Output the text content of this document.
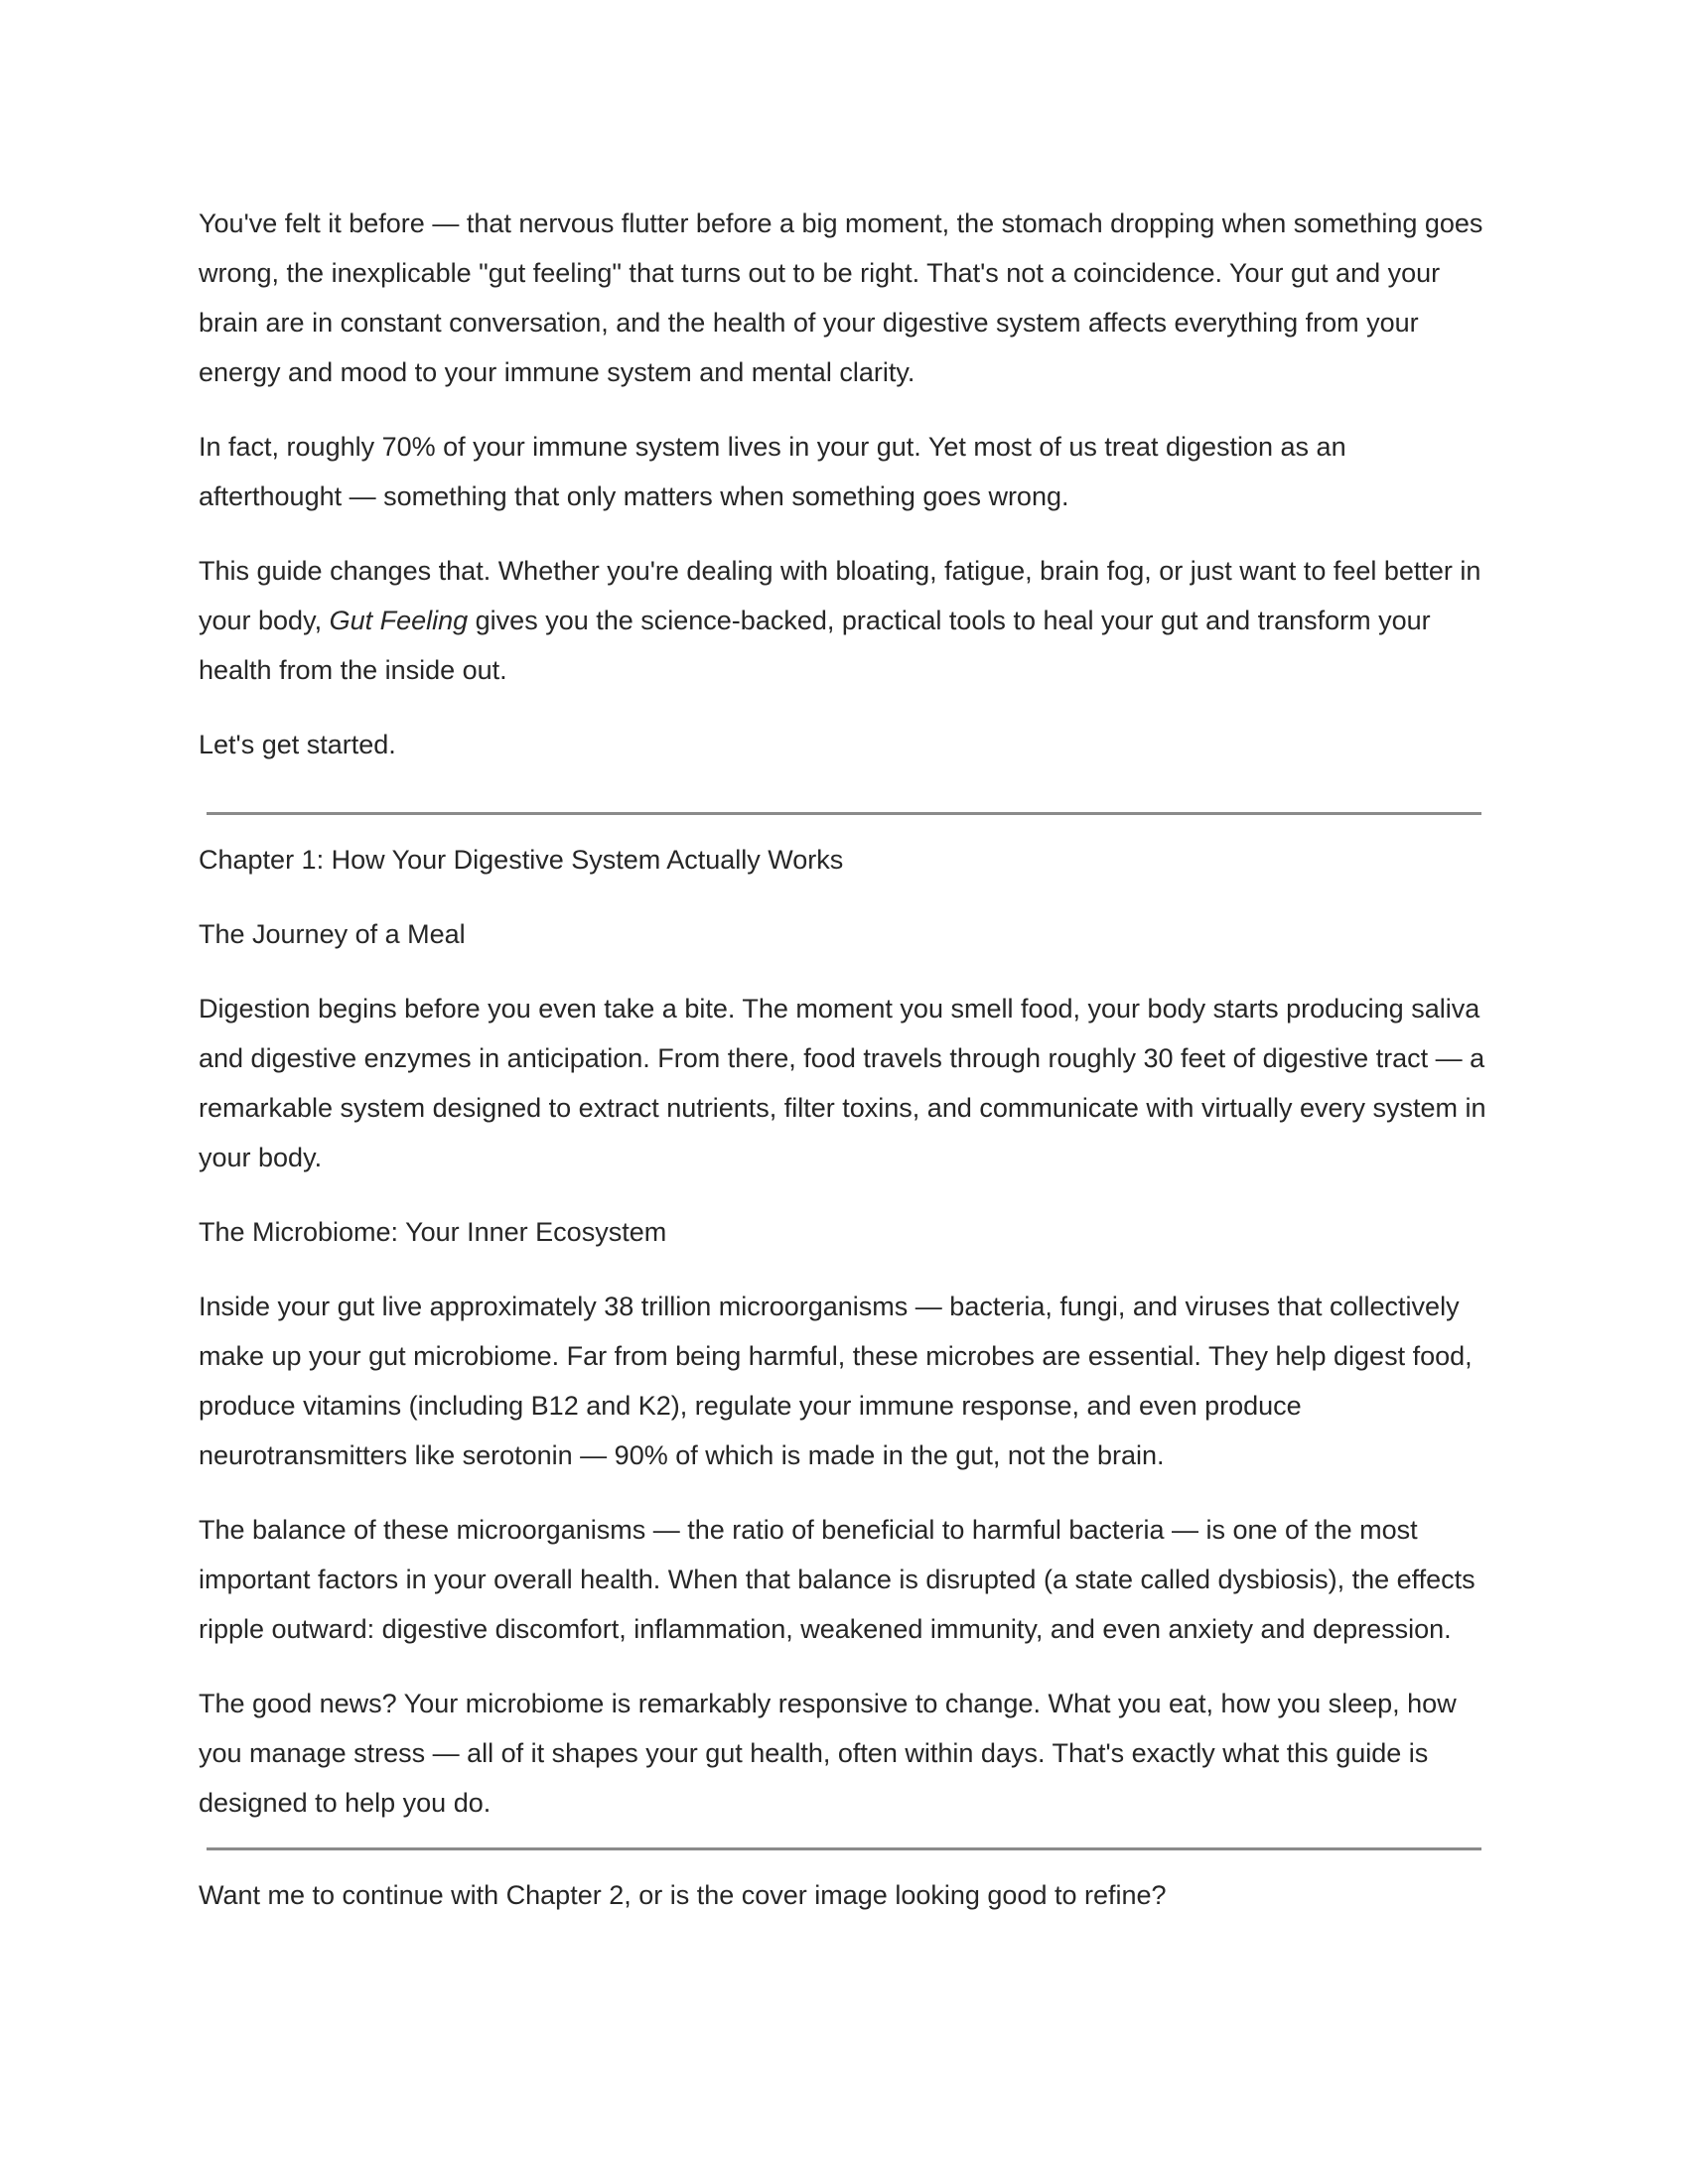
You've felt it before — that nervous flutter before a big moment, the stomach dropping when something goes wrong, the inexplicable "gut feeling" that turns out to be right. That's not a coincidence. Your gut and your brain are in constant conversation, and the health of your digestive system affects everything from your energy and mood to your immune system and mental clarity.

In fact, roughly 70% of your immune system lives in your gut. Yet most of us treat digestion as an afterthought — something that only matters when something goes wrong.

This guide changes that. Whether you're dealing with bloating, fatigue, brain fog, or just want to feel better in your body, Gut Feeling gives you the science-backed, practical tools to heal your gut and transform your health from the inside out.

Let's get started.

Chapter 1: How Your Digestive System Actually Works

The Journey of a Meal

Digestion begins before you even take a bite. The moment you smell food, your body starts producing saliva and digestive enzymes in anticipation. From there, food travels through roughly 30 feet of digestive tract — a remarkable system designed to extract nutrients, filter toxins, and communicate with virtually every system in your body.

The Microbiome: Your Inner Ecosystem

Inside your gut live approximately 38 trillion microorganisms — bacteria, fungi, and viruses that collectively make up your gut microbiome. Far from being harmful, these microbes are essential. They help digest food, produce vitamins (including B12 and K2), regulate your immune response, and even produce neurotransmitters like serotonin — 90% of which is made in the gut, not the brain.

The balance of these microorganisms — the ratio of beneficial to harmful bacteria — is one of the most important factors in your overall health. When that balance is disrupted (a state called dysbiosis), the effects ripple outward: digestive discomfort, inflammation, weakened immunity, and even anxiety and depression.

The good news? Your microbiome is remarkably responsive to change. What you eat, how you sleep, how you manage stress — all of it shapes your gut health, often within days. That's exactly what this guide is designed to help you do.

Want me to continue with Chapter 2, or is the cover image looking good to refine?
